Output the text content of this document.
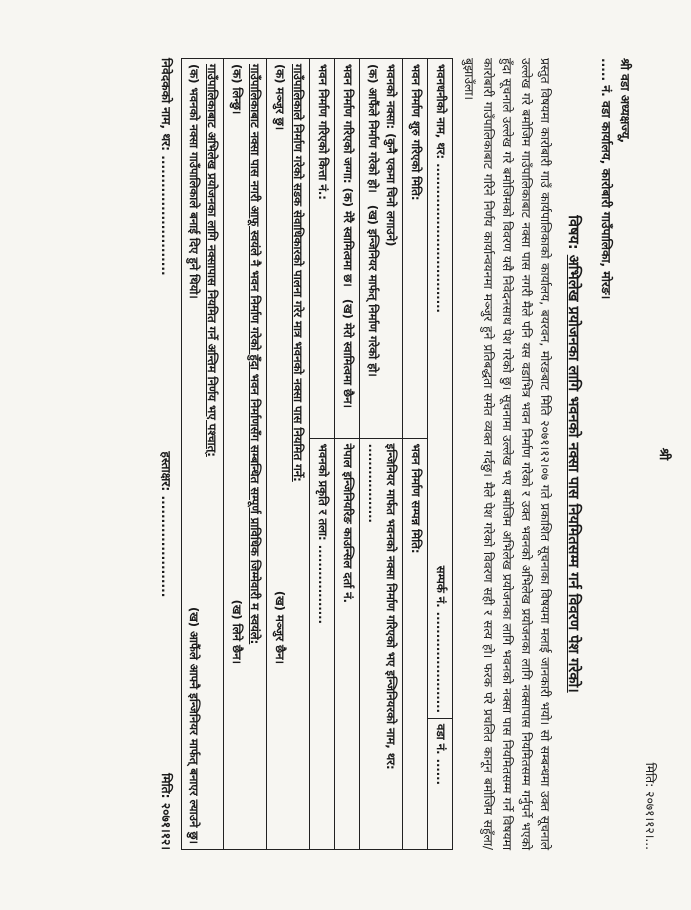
श्री
मिति: २०७१।१२।...
श्री वडा अध्यक्षज्यू,
..... नं. वडा कार्यालय, कारोबारी गाउँपालिका, मोरङ।
विषय: अभिलेख प्रयोजनका लागि भवनको नक्सा पास नियमितसम्म गर्न विवरण पेश गरेको।
प्रस्तुत विषयमा कारोबारी गाउँ कार्यपालिकाको कार्यालय, बयरवन, मोरङबाट मिति २०७१।१२।०७ गते प्रकाशित सूचनाका विषयमा मलाई जानकारी भयो। सो सम्बन्धमा उक्त सूचनाले उल्लेख गरे बमोजिम गाउँपालिकाबाट नक्सा पास नगरी मैले पनि यस वडाभित्र भवन निर्माण गरेको र उक्त भवनको अभिलेख प्रयोजनका लागि नक्सापास नियमितसम्म गर्नुपर्ने भएको हुँदा सूचनाले उल्लेख गरे बमोजिमको विवरण यसै निवेदनसाथ पेश गरेको छु। सूचनामा उल्लेख भए बमोजिम अभिलेख प्रयोजनका लागि भवनको नक्सा पास नियमितसम्म गर्ने विषयमा कारोबारी गाउँपालिकाबाट गरिने निर्णय कार्यान्वयनमा मञ्जुर हुने प्रतिबद्धता समेत व्यक्त गर्दछु। मैले पेश गरेको विवरण सही र सत्य हो। फरक परे प्रचलित कानून बमोजिम सहुँला/बुझाउँला।
भवनधनीको नाम, थर: ..................................
सम्पर्क नं. .......................		वडा नं. ......
भवन निर्माण शुरु गरिएको मिति:	भवन निर्माण सम्पन्न मिति:	

भवनको नक्सा: (कुनै एकमा चिनो लगाउने)
(क) आफैंले निर्माण गरेको हो।   (ख) इन्जिनियर मार्फत् निर्माण गरेको हो।	इन्जिनियर मार्फत भवनको नक्सा निर्माण गरिएको भए इन्जिनियरको नाम, थर: ..................	
भवन निर्माण गरिएको जग्गा: (क) मेरै स्वामित्वमा छ।   (ख) मेरो स्वामित्वमा छैन।	नेपाल इन्जिनियरिङ काउन्सिल दर्ता नं.	
भवन निर्माण गरिएको कित्ता नं.:	भवनको प्रकृति र तला: ..................	

गाउँपालिकाले निर्माण गरेको सडक सेवाधिकारको पालना गरेर मात्र भवनको नक्सा पास नियमित गर्ने:
(क) मञ्जुर छु।
(ख) मञ्जुर छैन।		

गाउँपालिकाबाट नक्सा पास नगरी आफू स्वयंले नै भवन निर्माण गरेको हुँदा भवन निर्माणसँग सम्बन्धित सम्पूर्ण प्राविधिक जिम्मेवारी म स्वयंले:
(क) लिन्छु।
(ख) लिने छैन।		

गाउँपालिकाबाट अभिलेख प्रयोजनका लागि नक्सापास नियमित गर्ने अन्तिम निर्णय भए पश्चात्:
(क) भवनको नक्सा गाउँपालिकाले बनाई दिए हुने थियो।
(ख) आफैंले आफ्नै इन्जिनियर मार्फत् बनाएर ल्याउने छु।		
निवेदकको नाम, थर: ..........................
हस्ताक्षर: ......................
मिति: २०७१।१२।
